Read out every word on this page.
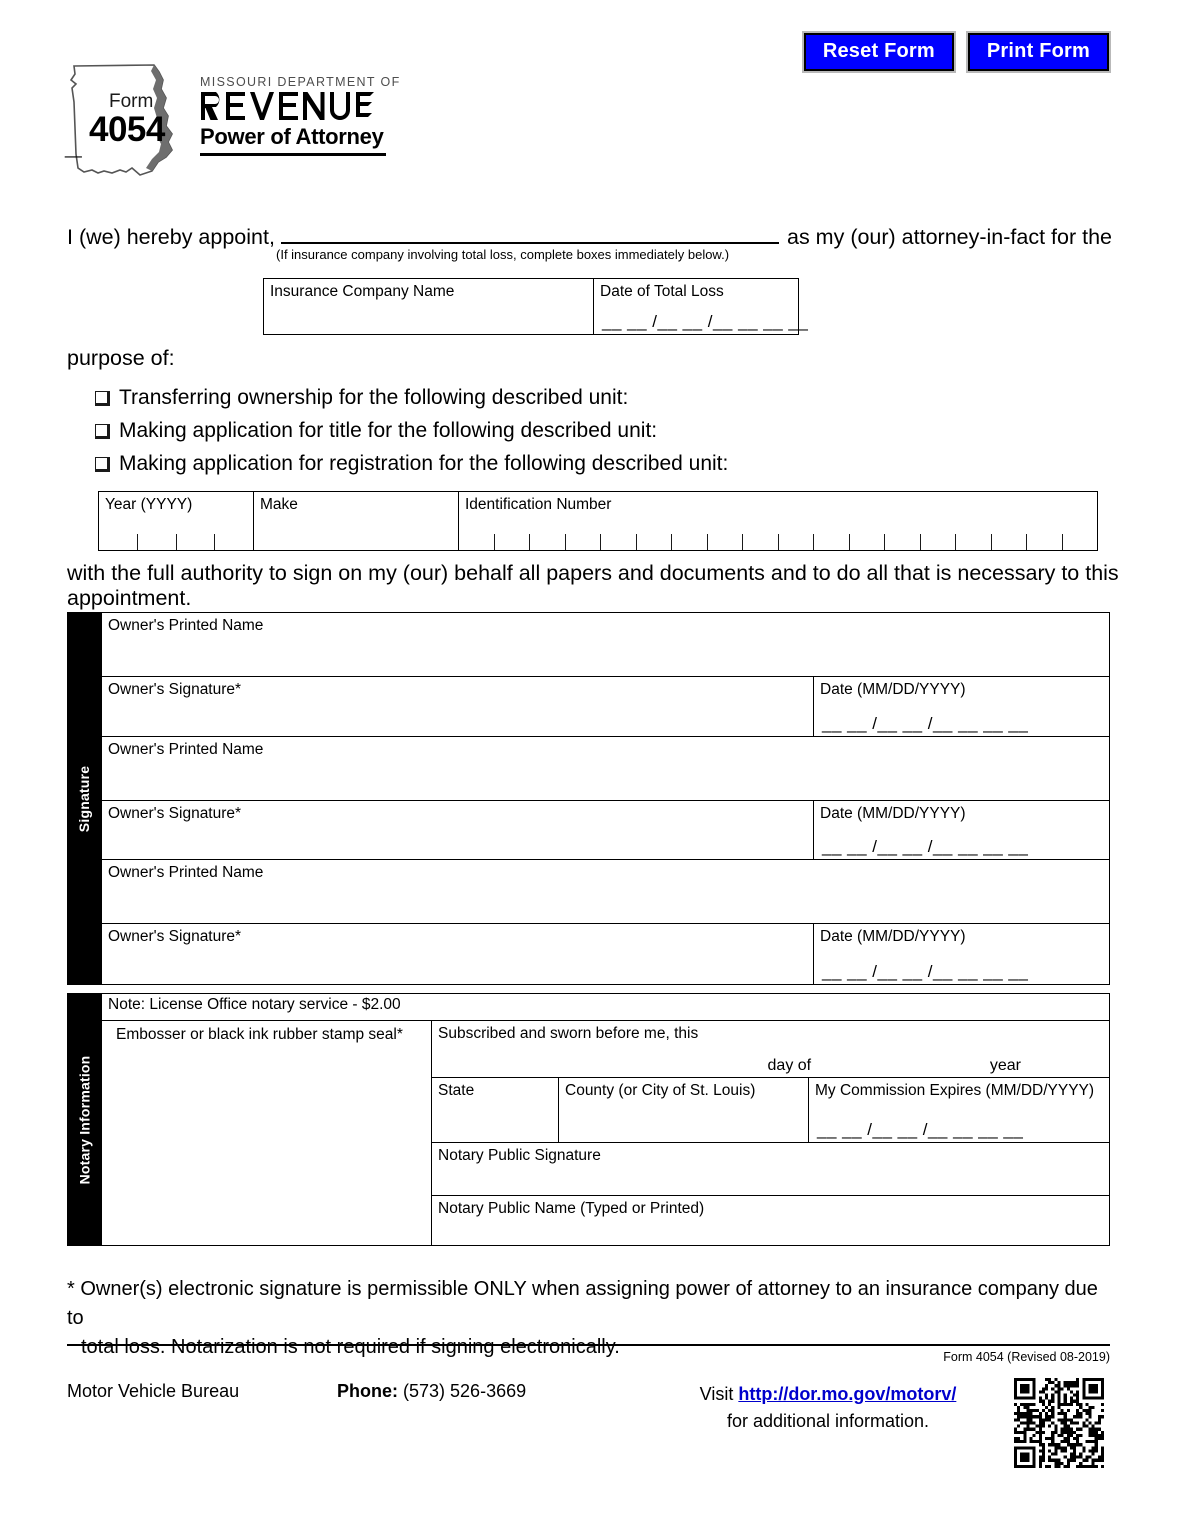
Reset Form	Print Form
Form
4054
_
MISSOURI DEPARTMENT OF
Power of Attorney
I (we) hereby appoint,	as my (our) attorney-in-fact for the
(If insurance company involving total loss, complete boxes immediately below.)
Insurance Company Name	Date of Total Loss
__ __ /__ __ /__ __ __ __
purpose of:
Transferring ownership for the following described unit:
Making application for title for the following described unit:
Making application for registration for the following described unit:
Year (YYYY)	Make	Identification Number
with the full authority to sign on my (our) behalf all papers and documents and to do all that is necessary to this appointment.
Signature
Owner's Printed Name
Owner's Signature*	Date (MM/DD/YYYY)
__ __ /__ __ /__ __ __ __
Owner's Printed Name
Owner's Signature*	Date (MM/DD/YYYY)
__ __ /__ __ /__ __ __ __
Owner's Printed Name
Owner's Signature*	Date (MM/DD/YYYY)
__ __ /__ __ /__ __ __ __
Notary Information
Note: License Office notary service - $2.00
Embosser or black ink rubber stamp seal* Subscribed and sworn before me, this
day of	year
State	County (or City of St. Louis)	My Commission Expires (MM/DD/YYYY)
__ __ /__ __ /__ __ __ __
Notary Public Signature
Notary Public Name (Typed or Printed)
* Owner(s) electronic signature is permissible ONLY when assigning power of attorney to an insurance company due to
total loss. Notarization is not required if signing electronically.	Form 4054 (Revised 08-2019)
Motor Vehicle Bureau	Phone: (573) 526-3669	Visit http://dor.mo.gov/motorv/
for additional information.
